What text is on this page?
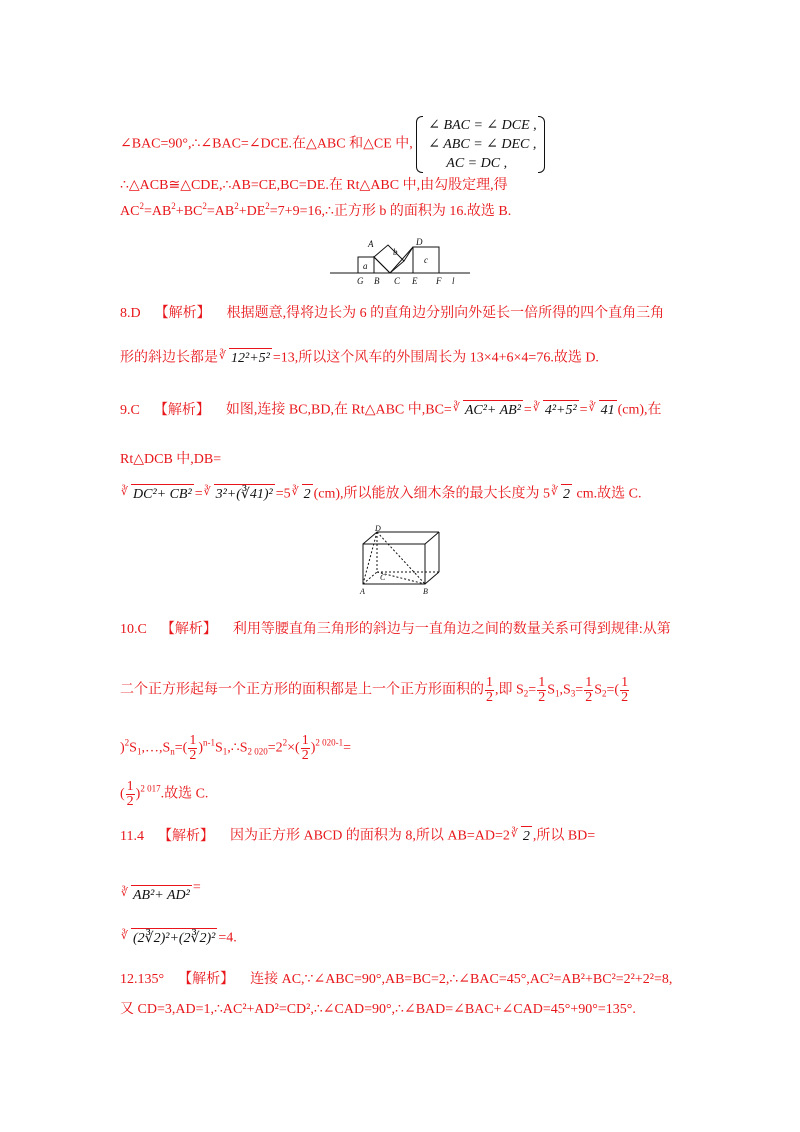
∠BAC=90°,∴∠BAC=∠DCE.在△ABC 和△CE 中,
∠ BAC = ∠ DCE ,
∠ ABC = ∠ DEC ,
AC = DC ,
∴△ACB≅△CDE,∴AB=CE,BC=DE.在 Rt△ABC 中,由勾股定理,得
$AC^2=AB^2+BC^2=AB^2+DE^2=7+9=16,\therefore$正方形 b 的面积为 16.故选 B.
A
a
b
D
c
G B C E F l
8.D 【解析】 根据题意,得将边长为 6 的直角边分别向外延长一倍所得的四个直角三角
形的斜边长都是 ∛ 12²+5² =13,所以这个风车的外围周长为 13×4+6×4=76.故选 D.
9.C 【解析】 如图,连接 BC,BD,在 Rt△ABC 中,BC= ∛ AC²+ AB² = ∛ 4²+5² = ∛ 41 (cm),在
Rt△DCB 中,DB=
∛ DC²+ CB² = ∛ 3²+(∛41)² =5 ∛ 2 (cm),所以能放入细木条的最大长度为 5 ∛ 2 cm.故选 C.
D
C
A	B
10.C 【解析】 利用等腰直角三角形的斜边与一直角边之间的数量关系可得到规律:从第
二个正方形起每一个正方形的面积都是上一个正方形面积的 $\frac{1}{2}$ ,即 $S_2= \frac{1}{2} S_1,S_3= \frac{1}{2} S_2=( \frac{1}{2}$
)$^2S_1,\dots,S_n=( \frac{1}{2}$ )$^{n-1}S_1,\therefore S_{2 020}=2^2\times( \frac{1}{2} )^{2 020-1}=$
( $\frac{1}{2} )^{2 017}$.故选 C.
11.4 【解析】 因为正方形 ABCD 的面积为 8,所以 AB=AD=2 ∛ 2 ,所以 BD=
∛ AB²+ AD²=
∛ (2∛2)²+(2∛2)² =4.
12.135° 【解析】 连接 AC,∵∠ABC=90°,AB=BC=2,∴∠BAC=45°,AC²=AB²+BC²=2²+2²=8,
又 CD=3,AD=1,∴AC²+AD²=CD²,∴∠CAD=90°,∴∠BAD=∠BAC+∠CAD=45°+90°=135°.
